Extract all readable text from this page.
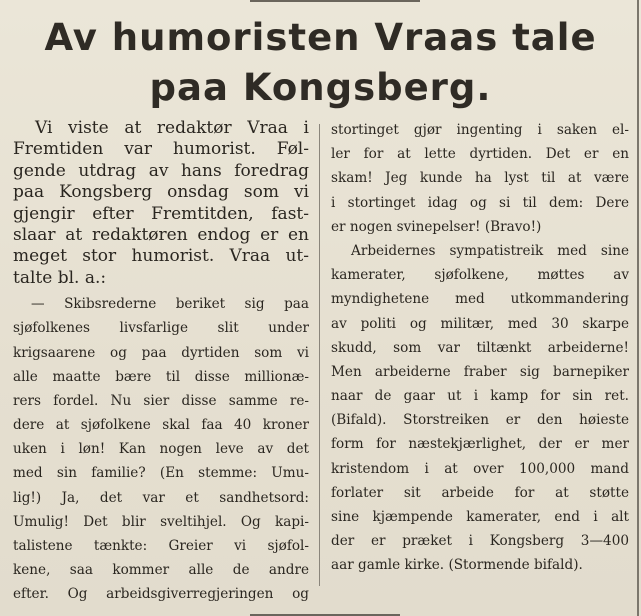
Av humoristen Vraas tale
paa Kongsberg.
Vi viste at redaktør Vraa i
Fremtiden var humorist. Føl-
gende utdrag av hans foredrag
paa Kongsberg onsdag som vi
gjengir efter Fremtitden, fast-
slaar at redaktøren endog er en
meget stor humorist. Vraa ut-
talte bl. a.:
— Skibsrederne beriket sig paa
sjøfolkenes livsfarlige slit under
krigsaarene og paa dyrtiden som vi
alle maatte bære til disse millionæ-
rers fordel. Nu sier disse samme re-
dere at sjøfolkene skal faa 40 kroner
uken i løn! Kan nogen leve av det
med sin familie? (En stemme: Umu-
lig!) Ja, det var et sandhetsord:
Umulig! Det blir sveltihjel. Og kapi-
talistene tænkte: Greier vi sjøfol-
kene, saa kommer alle de andre
efter. Og arbeidsgiverregjeringen og
stortinget gjør ingenting i saken el-
ler for at lette dyrtiden. Det er en
skam! Jeg kunde ha lyst til at være
i stortinget idag og si til dem: Dere
er nogen svinepelser! (Bravo!)
Arbeidernes sympatistreik med sine
kamerater, sjøfolkene, møttes av
myndighetene med utkommandering
av politi og militær, med 30 skarpe
skudd, som var tiltænkt arbeiderne!
Men arbeiderne fraber sig barnepiker
naar de gaar ut i kamp for sin ret.
(Bifald). Storstreiken er den høieste
form for næstekjærlighet, der er mer
kristendom i at over 100,000 mand
forlater sit arbeide for at støtte
sine kjæmpende kamerater, end i alt
der er præket i Kongsberg 3—400
aar gamle kirke. (Stormende bifald).
